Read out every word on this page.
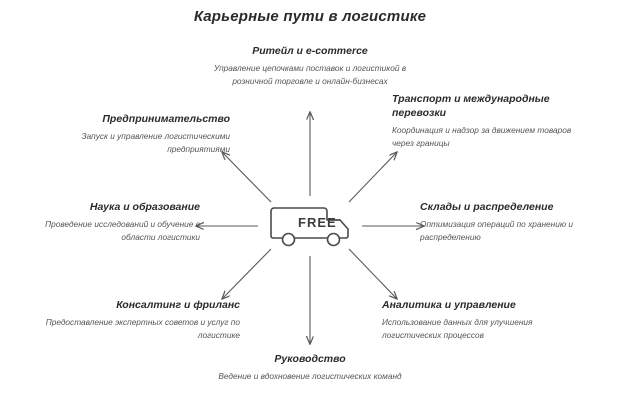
Карьерные пути в логистике
FREE
Ритейл и e-commerce
Управление цепочками поставок и логистикой в розничной торговле и онлайн-бизнесах
Транспорт и международные перевозки
Координация и надзор за движением товаров через границы
Склады и распределение
Оптимизация операций по хранению и распределению
Аналитика и управление
Использование данных для улучшения логистических процессов
Руководство
Ведение и вдохновение логистических команд
Консалтинг и фриланс
Предоставление экспертных советов и услуг по логистике
Наука и образование
Проведение исследований и обучение в области логистики
Предпринимательство
Запуск и управление логистическими предприятиями
